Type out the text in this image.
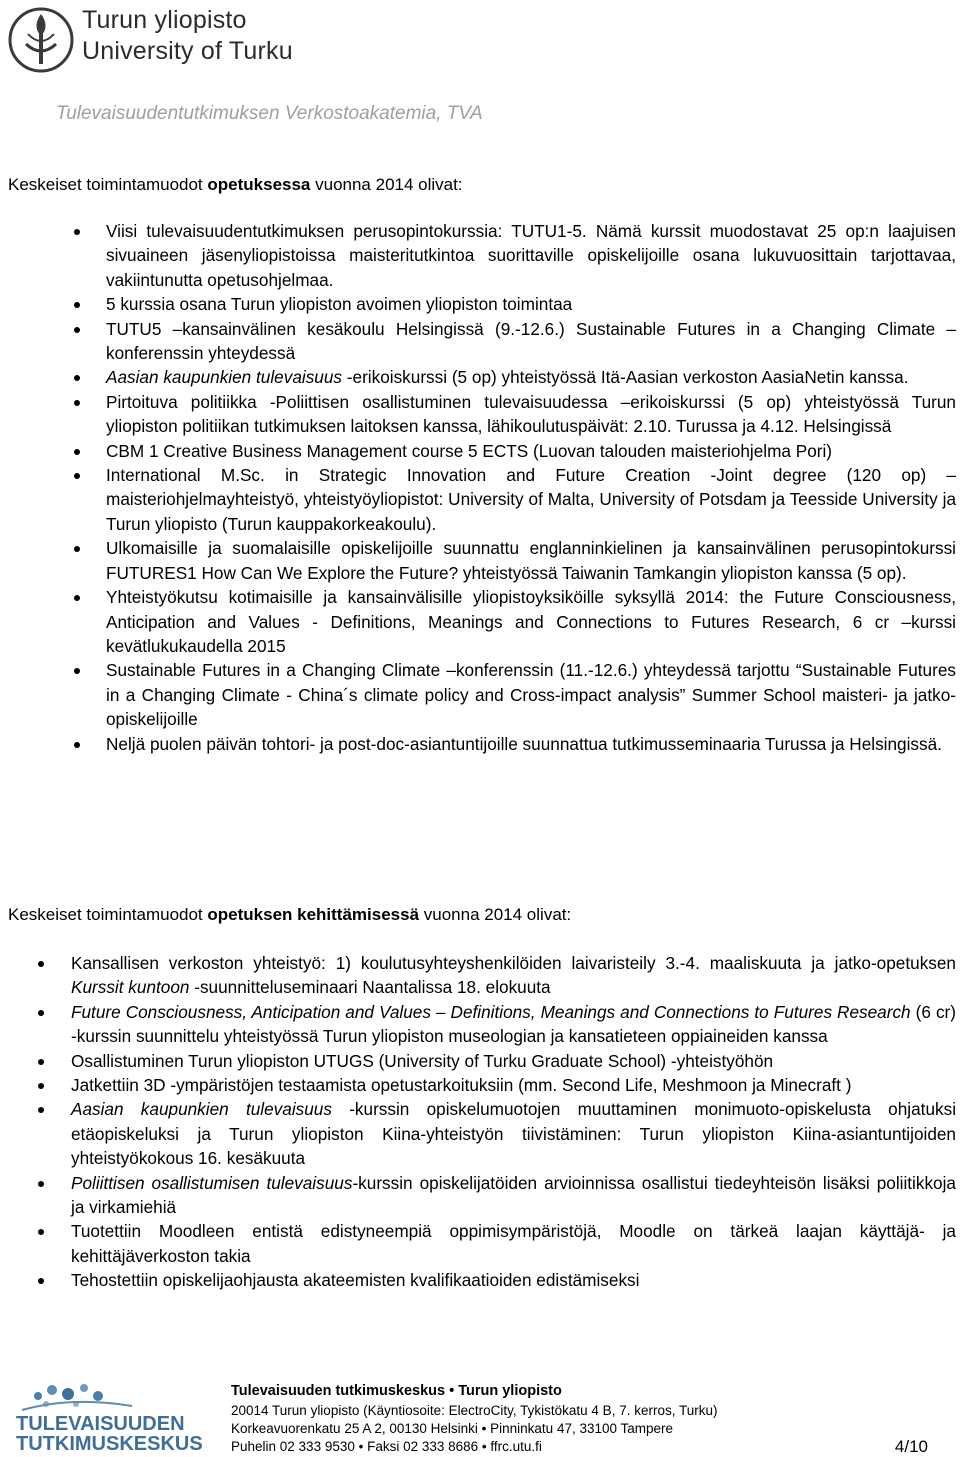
Turun yliopisto
University of Turku
Tulevaisuudentutkimuksen Verkostoakatemia, TVA
Keskeiset toimintamuodot opetuksessa vuonna 2014 olivat:
Viisi tulevaisuudentutkimuksen perusopintokurssia: TUTU1-5. Nämä kurssit muodostavat 25 op:n laajuisen sivuaineen jäsenyliopistoissa maisteritutkintoa suorittaville opiskelijoille osana lukuvuosittain tarjottavaa, vakiintunutta opetusohjelmaa.
5 kurssia osana Turun yliopiston avoimen yliopiston toimintaa
TUTU5 –kansainvälinen kesäkoulu Helsingissä (9.-12.6.) Sustainable Futures in a Changing Climate –konferenssin yhteydessä
Aasian kaupunkien tulevaisuus -erikoiskurssi (5 op) yhteistyössä Itä-Aasian verkoston AasiaNetin kanssa.
Pirtoituva politiikka -Poliittisen osallistuminen tulevaisuudessa –erikoiskurssi (5 op) yhteistyössä Turun yliopiston politiikan tutkimuksen laitoksen kanssa, lähikoulutuspäivät: 2.10. Turussa ja 4.12. Helsingissä
CBM 1 Creative Business Management course 5 ECTS (Luovan talouden maisteriohjelma Pori)
International M.Sc. in Strategic Innovation and Future Creation -Joint degree (120 op) – maisteriohjelmayhteistyö, yhteistyöyliopistot: University of Malta, University of Potsdam ja Teesside University ja Turun yliopisto (Turun kauppakorkeakoulu).
Ulkomaisille ja suomalaisille opiskelijoille suunnattu englanninkielinen ja kansainvälinen perusopintokurssi FUTURES1 How Can We Explore the Future? yhteistyössä Taiwanin Tamkangin yliopiston kanssa (5 op).
Yhteistyökutsu kotimaisille ja kansainvälisille yliopistoyksiköille syksyllä 2014: the Future Consciousness, Anticipation and Values - Definitions, Meanings and Connections to Futures Research, 6 cr –kurssi kevätlukukaudella 2015
Sustainable Futures in a Changing Climate –konferenssin (11.-12.6.) yhteydessä tarjottu “Sustainable Futures in a Changing Climate - China´s climate policy and Cross-impact analysis” Summer School maisteri- ja jatko-opiskelijoille
Neljä puolen päivän tohtori- ja post-doc-asiantuntijoille suunnattua tutkimusseminaaria Turussa ja Helsingissä.
Keskeiset toimintamuodot opetuksen kehittämisessä vuonna 2014 olivat:
Kansallisen verkoston yhteistyö: 1) koulutusyhteyshenkilöiden laivaristeily 3.-4. maaliskuuta ja jatko-opetuksen Kurssit kuntoon -suunnitteluseminaari Naantalissa 18. elokuuta
Future Consciousness, Anticipation and Values – Definitions, Meanings and Connections to Futures Research (6 cr) -kurssin suunnittelu yhteistyössä Turun yliopiston museologian ja kansatieteen oppiaineiden kanssa
Osallistuminen Turun yliopiston UTUGS (University of Turku Graduate School) -yhteistyöhön
Jatkettiin 3D -ympäristöjen testaamista opetustarkoituksiin (mm. Second Life, Meshmoon ja Minecraft )
Aasian kaupunkien tulevaisuus -kurssin opiskelumuotojen muuttaminen monimuoto-opiskelusta ohjatuksi etäopiskeluksi ja Turun yliopiston Kiina-yhteistyön tiivistäminen: Turun yliopiston Kiina-asiantuntijoiden yhteistyökokous 16. kesäkuuta
Poliittisen osallistumisen tulevaisuus-kurssin opiskelijatöiden arvioinnissa osallistui tiedeyhteisön lisäksi poliitikkoja ja virkamiehiä
Tuotettiin Moodleen entistä edistyneempiä oppimisympäristöjä, Moodle on tärkeä laajan käyttäjä- ja kehittäjäverkoston takia
Tehostettiin opiskelijaohjausta akateemisten kvalifikaatioiden edistämiseksi
TULEVAISUUDEN
TUTKIMUSKESKUS
Tulevaisuuden tutkimuskeskus • Turun yliopisto
20014 Turun yliopisto (Käyntiosoite: ElectroCity, Tykistökatu 4 B, 7. kerros, Turku)
Korkeavuorenkatu 25 A 2, 00130 Helsinki • Pinninkatu 47, 33100 Tampere
Puhelin 02 333 9530 • Faksi 02 333 8686 • ffrc.utu.fi	4/10
